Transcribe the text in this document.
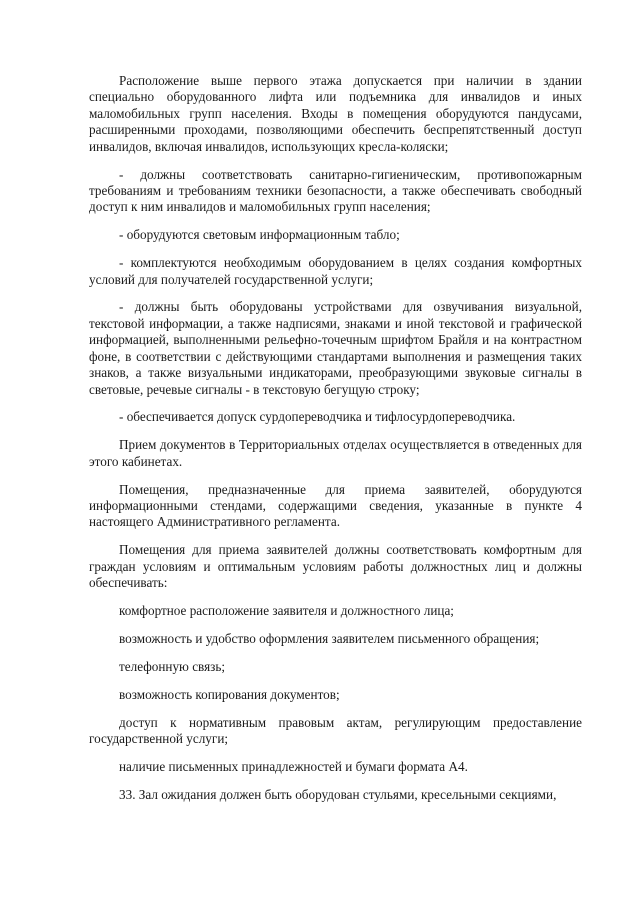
Расположение выше первого этажа допускается при наличии в здании специально оборудованного лифта или подъемника для инвалидов и иных маломобильных групп населения. Входы в помещения оборудуются пандусами, расширенными проходами, позволяющими обеспечить беспрепятственный доступ инвалидов, включая инвалидов, использующих кресла-коляски;

- должны соответствовать санитарно-гигиеническим, противопожарным требованиям и требованиям техники безопасности, а также обеспечивать свободный доступ к ним инвалидов и маломобильных групп населения;

- оборудуются световым информационным табло;

- комплектуются необходимым оборудованием в целях создания комфортных условий для получателей государственной услуги;

- должны быть оборудованы устройствами для озвучивания визуальной, текстовой информации, а также надписями, знаками и иной текстовой и графической информацией, выполненными рельефно-точечным шрифтом Брайля и на контрастном фоне, в соответствии с действующими стандартами выполнения и размещения таких знаков, а также визуальными индикаторами, преобразующими звуковые сигналы в световые, речевые сигналы - в текстовую бегущую строку;

- обеспечивается допуск сурдопереводчика и тифлосурдопереводчика.

Прием документов в Территориальных отделах осуществляется в отведенных для этого кабинетах.

Помещения, предназначенные для приема заявителей, оборудуются информационными стендами, содержащими сведения, указанные в пункте 4 настоящего Административного регламента.

Помещения для приема заявителей должны соответствовать комфортным для граждан условиям и оптимальным условиям работы должностных лиц и должны обеспечивать:

комфортное расположение заявителя и должностного лица;

возможность и удобство оформления заявителем письменного обращения;

телефонную связь;

возможность копирования документов;

доступ к нормативным правовым актам, регулирующим предоставление государственной услуги;

наличие письменных принадлежностей и бумаги формата А4.

33. Зал ожидания должен быть оборудован стульями, кресельными секциями,
